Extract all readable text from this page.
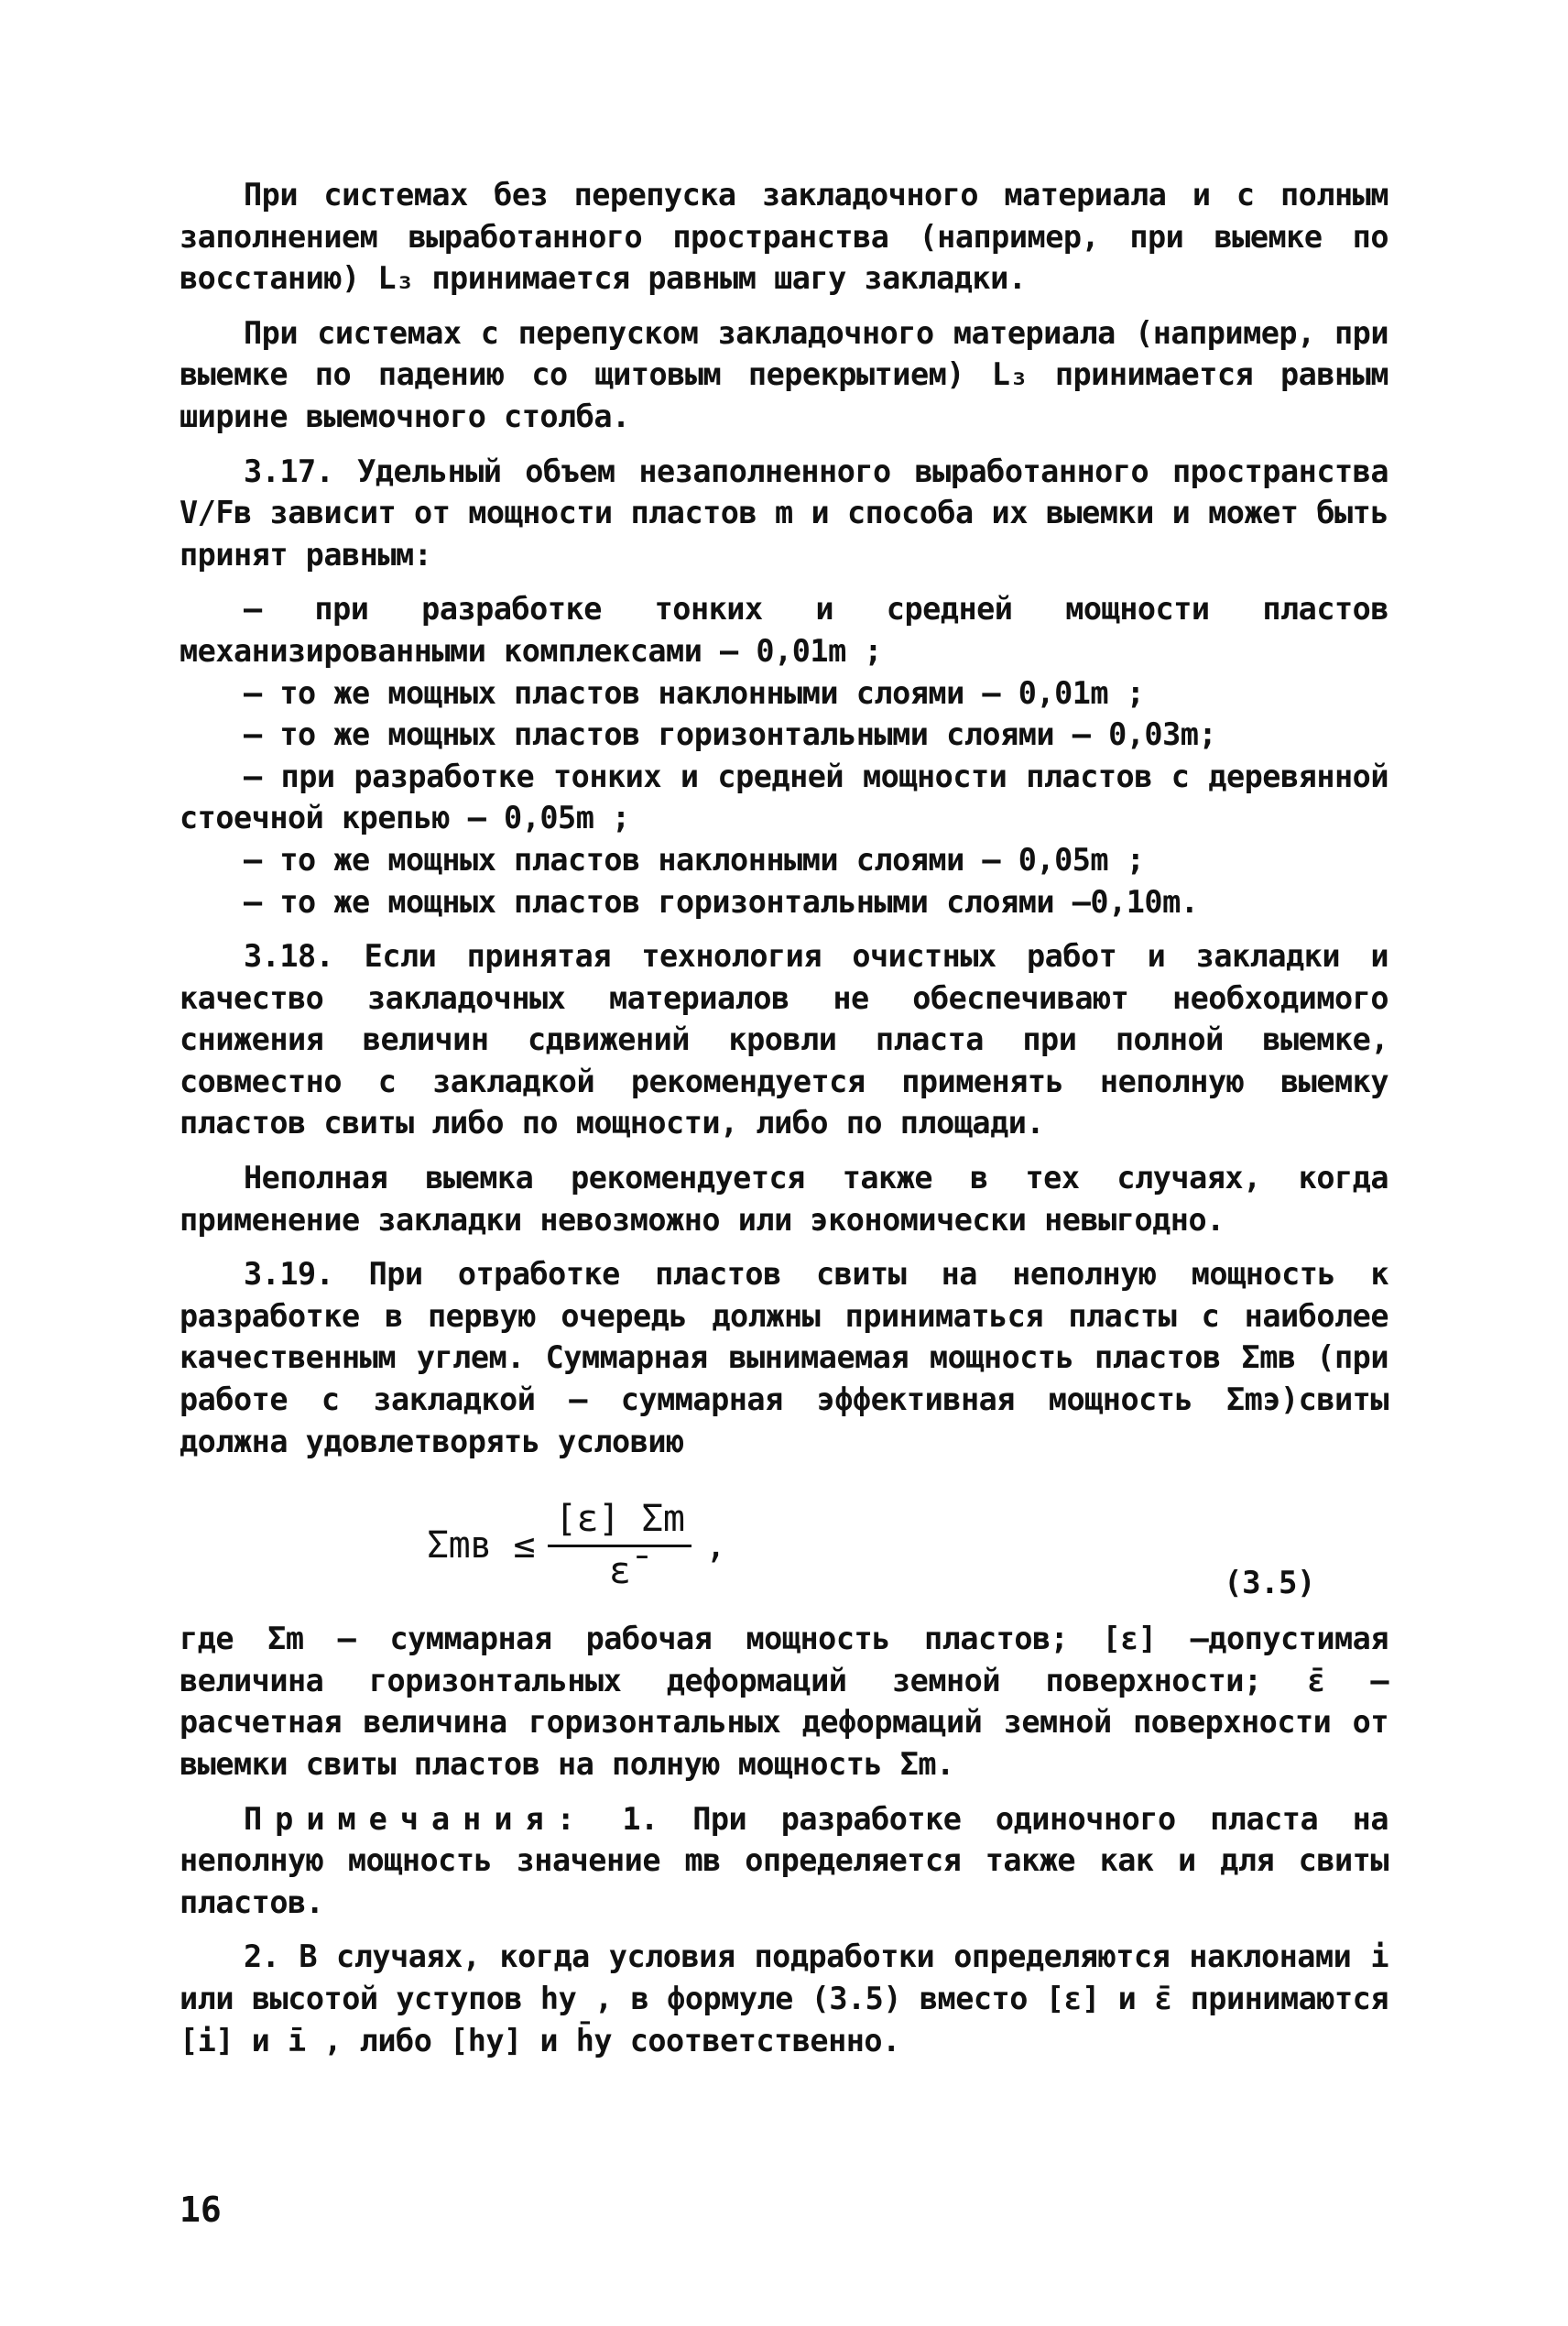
При системах без перепуска закладочного материала и с полным заполнением выработанного пространства (например, при выемке по восстанию) L₃ принимается равным шагу закладки.

При системах с перепуском закладочного материала (например, при выемке по падению со щитовым перекрытием) L₃ принимается равным ширине выемочного столба.

3.17. Удельный объем незаполненного выработанного пространства V/Fв зависит от мощности пластов m и способа их выемки и может быть принят равным:

– при разработке тонких и средней мощности пластов механизированными комплексами – 0,01m ;

– то же мощных пластов наклонными слоями – 0,01m ;

– то же мощных пластов горизонтальными слоями – 0,03m;

– при разработке тонких и средней мощности пластов с деревянной стоечной крепью – 0,05m ;

– то же мощных пластов наклонными слоями – 0,05m ;

– то же мощных пластов горизонтальными слоями –0,10m.

3.18. Если принятая технология очистных работ и закладки и качество закладочных материалов не обеспечивают необходимого снижения величин сдвижений кровли пласта при полной выемке, совместно с закладкой рекомендуется применять неполную выемку пластов свиты либо по мощности, либо по площади.

Неполная выемка рекомендуется также в тех случаях, когда применение закладки невозможно или экономически невыгодно.

3.19. При отработке пластов свиты на неполную мощность к разработке в первую очередь должны приниматься пласты с наиболее качественным углем. Суммарная вынимаемая мощность пластов Σmв (при работе с закладкой – суммарная эффективная мощность Σmэ)свиты должна удовлетворять условию

$\Sigma mв \le \frac{[\varepsilon] \Sigma m}{\varepsilon̄}$ ,
(3.5)

где Σm – суммарная рабочая мощность пластов; [ε] –допустимая величина горизонтальных деформаций земной поверхности; ε̄ – расчетная величина горизонтальных деформаций земной поверхности от выемки свиты пластов на полную мощность Σm.

Примечания: 1. При разработке одиночного пласта на неполную мощность значение mв определяется также как и для свиты пластов.

2. В случаях, когда условия подработки определяются наклонами i или высотой уступов hу , в формуле (3.5) вместо [ε] и ε̄ принимаются [i] и ī , либо [hу] и h̄у соответственно.

16
